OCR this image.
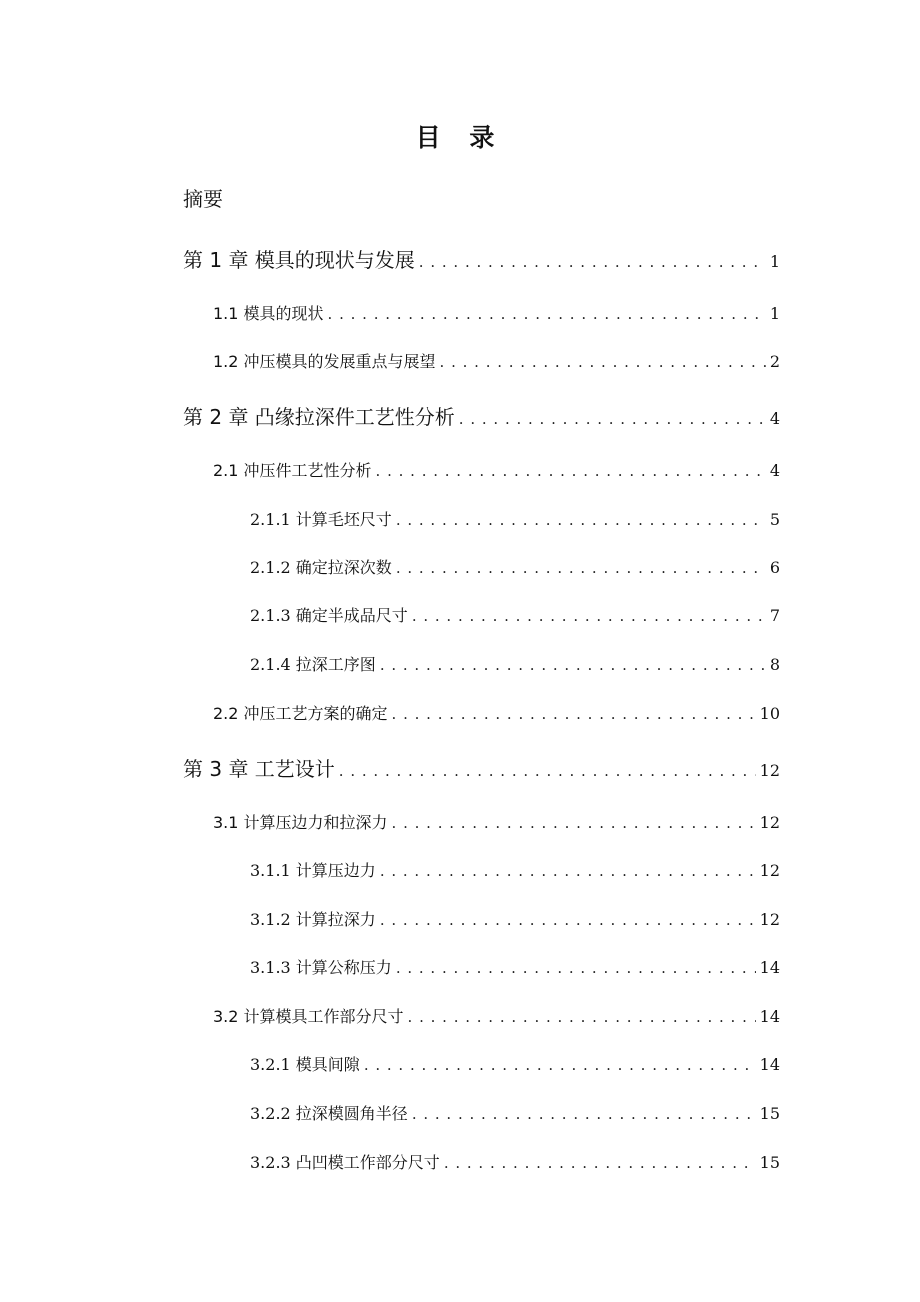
目 录
摘要
第 1 章 模具的现状与发展 . . .	1
1.1 模具的现状 . . .	1
1.2 冲压模具的发展重点与展望 . . .	2
第 2 章 凸缘拉深件工艺性分析 . . .	4
2.1 冲压件工艺性分析 . . .	4
2.1.1 计算毛坯尺寸 . . .	5
2.1.2 确定拉深次数 . . .	6
2.1.3 确定半成品尺寸 . . .	7
2.1.4 拉深工序图 . . .	8
2.2 冲压工艺方案的确定 . . .	10
第 3 章 工艺设计 . . .	12
3.1 计算压边力和拉深力 . . .	12
3.1.1 计算压边力 . . .	12
3.1.2 计算拉深力 . . .	12
3.1.3 计算公称压力 . . .	14
3.2 计算模具工作部分尺寸 . . .	14
3.2.1 模具间隙 . . .	14
3.2.2 拉深模圆角半径 . . .	15
3.2.3 凸凹模工作部分尺寸 . . .	15
